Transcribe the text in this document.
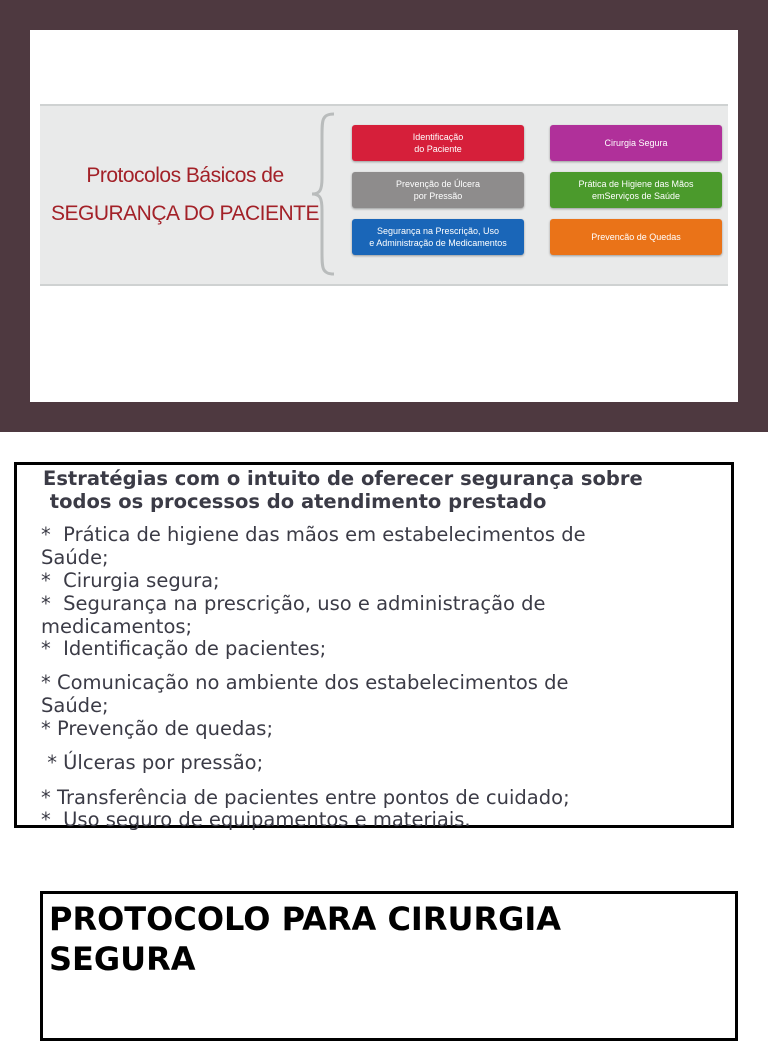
Protocolos Básicos de
SEGURANÇA DO PACIENTE
Identificação
do Paciente
Prevenção de Úlcera
por Pressão
Segurança na Prescrição, Uso
e Administração de Medicamentos
Cirurgia Segura
Prática de Higiene das Mãos
emServiços de Saúde
Prevencão de Quedas
Estratégias com o intuito de oferecer segurança sobre
todos os processos do atendimento prestado
*  Prática de higiene das mãos em estabelecimentos de
Saúde;
*  Cirurgia segura;
*  Segurança na prescrição, uso e administração de
medicamentos;
*  Identificação de pacientes;
* Comunicação no ambiente dos estabelecimentos de
Saúde;
* Prevenção de quedas;
* Úlceras por pressão;
* Transferência de pacientes entre pontos de cuidado;
*  Uso seguro de equipamentos e materiais.
PROTOCOLO PARA CIRURGIA SEGURA
